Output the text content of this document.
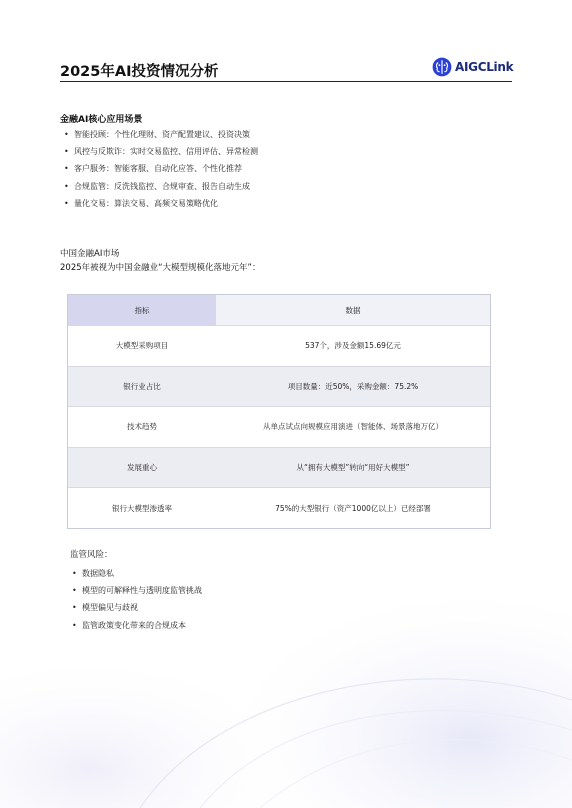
2025年AI投资情况分析	AIGCLink
金融AI核心应用场景
• 智能投顾：个性化理财、资产配置建议、投资决策
• 风控与反欺诈：实时交易监控、信用评估、异常检测
• 客户服务：智能客服、自动化应答、个性化推荐
• 合规监管：反洗钱监控、合规审查、报告自动生成
• 量化交易：算法交易、高频交易策略优化
中国金融AI市场
2025年被视为中国金融业“大模型规模化落地元年”：
指标	数据
大模型采购项目	537个，涉及金额15.69亿元
银行业占比	项目数量：近50%，采购金额：75.2%
技术趋势	从单点试点向规模应用演进（智能体、场景落地万亿）
发展重心	从“拥有大模型”转向“用好大模型”
银行大模型渗透率	75%的大型银行（资产1000亿以上）已经部署
监管风险：
• 数据隐私
• 模型的可解释性与透明度监管挑战
• 模型偏见与歧视
• 监管政策变化带来的合规成本
